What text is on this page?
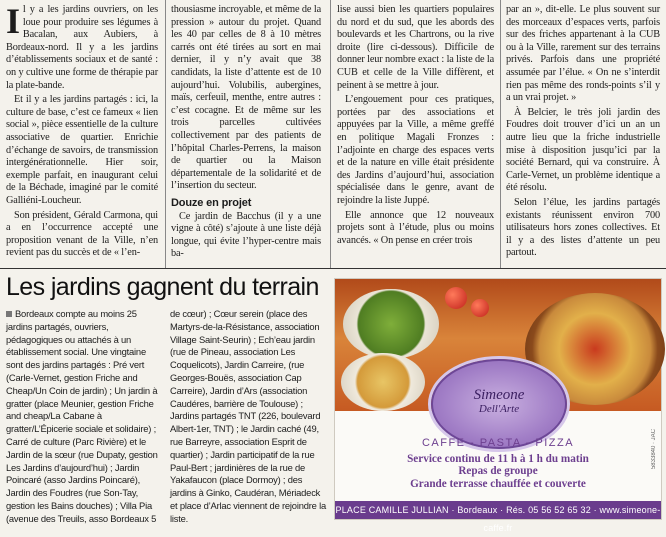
Il y a les jardins ouvriers, on les loue pour produire ses légumes à Bacalan, aux Aubiers, à Bordeaux-nord. Il y a les jardins d’établissements sociaux et de santé : on y cultive une forme de thérapie par la plate-bande.

Et il y a les jardins partagés : ici, la culture de base, c’est ce fameux « lien social », pièce essentielle de la culture associative de quartier. Enrichie d’échange de savoirs, de transmission intergénérationnelle. Hier soir, exemple parfait, en inaugurant celui de la Béchade, imaginé par le comité Galliéni-Loucheur.

Son président, Gérald Carmona, qui a en l’occurrence accepté une proposition venant de la Ville, n’en revient pas du succès et de « l’en-

thousiasme incroyable, et même de la pression » autour du projet. Quand les 40 par celles de 8 à 10 mètres carrés ont été tirées au sort en mai dernier, il y n’y avait que 38 candidats, la liste d’attente est de 10 aujourd’hui. Volubilis, aubergines, maïs, cerfeuil, menthe, entre autres : c’est cocagne. Et de même sur les trois parcelles cultivées collectivement par des patients de l’hôpital Charles-Perrens, la maison de quartier ou la Maison départementale de la solidarité et de l’insertion du secteur.

Douze en projet

Ce jardin de Bacchus (il y a une vigne à côté) s’ajoute à une liste déjà longue, qui évite l’hyper-centre mais ba-

lise aussi bien les quartiers populaires du nord et du sud, que les abords des boulevards et les Chartrons, ou la rive droite (lire ci-dessous). Difficile de donner leur nombre exact : la liste de la CUB et celle de la Ville diffèrent, et peinent à se mettre à jour.

L’engouement pour ces pratiques, portées par des associations et appuyées par la Ville, a même greffé en politique Magali Fronzes : l’adjointe en charge des espaces verts et de la nature en ville était présidente des Jardins d’aujourd’hui, association spécialisée dans le genre, avant de rejoindre la liste Juppé.

Elle annonce que 12 nouveaux projets sont à l’étude, plus ou moins avancés. « On pense en créer trois

par an », dit-elle. Le plus souvent sur des morceaux d’espaces verts, parfois sur des friches appartenant à la CUB ou à la Ville, rarement sur des terrains privés. Parfois dans une propriété assumée par l’élue. « On ne s’interdit rien pas même des ronds-points s’il y a un vrai projet. »

À Belcier, le très joli jardin des Foudres doit trouver d’ici un an un autre lieu que la friche industrielle mise à disposition jusqu’ici par la société Bernard, qui va construire. À Carle-Vernet, un problème identique a été résolu.

Selon l’élue, les jardins partagés existants réunissent environ 700 utilisateurs hors zones collectives. Et il y a des listes d’attente un peu partout.

Les jardins gagnent du terrain
Bordeaux compte au moins 25 jardins partagés, ouvriers, pédagogiques ou attachés à un établissement social. Une vingtaine sont des jardins partagés : Pré vert (Carle-Vernet, gestion Friche and Cheap/Un Coin de jardin) ; Un jardin à gratter (place Meunier, gestion Friche and cheap/La Cabane à gratter/L’Épicerie sociale et solidaire) ; Carré de culture (Parc Rivière) et le Jardin de la sœur (rue Dupaty, gestion Les Jardins d’aujourd’hui) ; Jardin Poincaré (asso Jardins Poincaré), Jardin des Foudres (rue Son-Tay, gestion les Bains douches) ; Villa Pia (avenue des Treuils, asso Bordeaux 5
de cœur) ; Cœur serein (place des Martyrs-de-la-Résistance, association Village Saint-Seurin) ; Ech’eau jardin (rue de Pineau, association Les Coquelicots), Jardin Carreire, (rue Georges-Bouës, association Cap Carreire), Jardin d’Ars (association Caudéres, barrière de Toulouse) ; Jardins partagés TNT (226, boulevard Albert-1er, TNT) ; le Jardin caché (49, rue Barreyre, association Esprit de quartier) ; Jardin participatif de la rue Paul-Bert ; jardinières de la rue de Yakafaucon (place Dormoy) ; des jardins à Ginko, Caudéran, Mériadeck et place d’Arlac viennent de rejoindre la liste.
Simeone
Dell'Arte
CAFFE - PASTA - PIZZA
Service continu de 11 h à 1 h du matin
Repas de groupe
Grande terrasse chauffée et couverte
5833840 · JAC
PLACE CAMILLE JULLIAN · Bordeaux · Rés. 05 56 52 65 32 · www.simeone-caffe.fr
